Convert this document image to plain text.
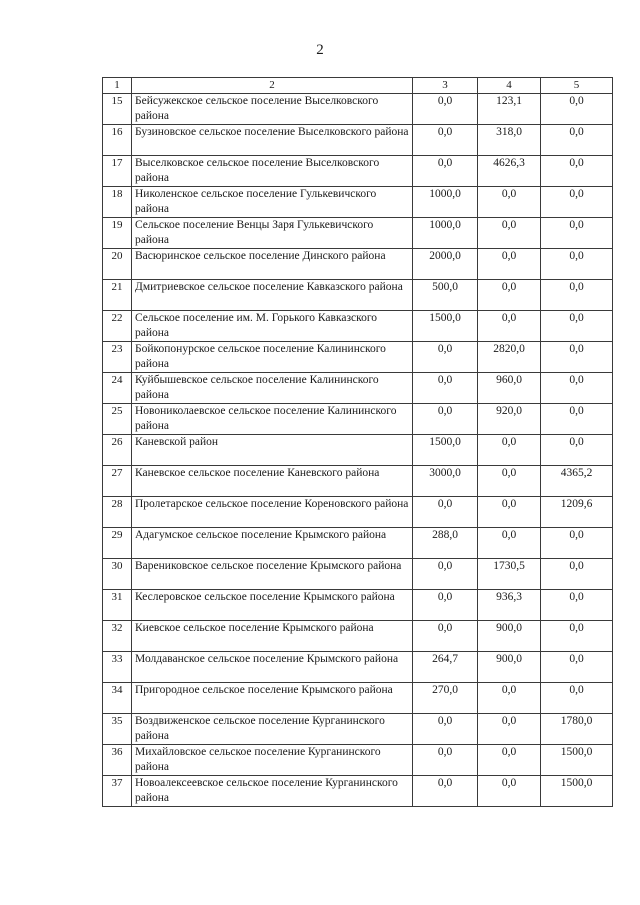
2
1	2	3	4	5
15	Бейсужекское сельское поселение Выселковского района	0,0	123,1	0,0
16	Бузиновское сельское поселение Выселковского района	0,0	318,0	0,0
17	Выселковское сельское поселение Выселковского района	0,0	4626,3	0,0
18	Николенское сельское поселение Гулькевичского района	1000,0	0,0	0,0
19	Сельское поселение Венцы Заря Гулькевичского района	1000,0	0,0	0,0
20	Васюринское сельское поселение Динского района	2000,0	0,0	0,0
21	Дмитриевское сельское поселение Кавказского района	500,0	0,0	0,0
22	Сельское поселение им. М. Горького Кавказского района	1500,0	0,0	0,0
23	Бойкопонурское сельское поселение Калининского района	0,0	2820,0	0,0
24	Куйбышевское сельское поселение Калининского района	0,0	960,0	0,0
25	Новониколаевское сельское поселение Калининского района	0,0	920,0	0,0
26	Каневской район	1500,0	0,0	0,0
27	Каневское сельское поселение Каневского района	3000,0	0,0	4365,2
28	Пролетарское сельское поселение Кореновского района	0,0	0,0	1209,6
29	Адагумское сельское поселение Крымского района	288,0	0,0	0,0
30	Варениковское сельское поселение Крымского района	0,0	1730,5	0,0
31	Кеслеровское сельское поселение Крымского района	0,0	936,3	0,0
32	Киевское сельское поселение Крымского района	0,0	900,0	0,0
33	Молдаванское сельское поселение Крымского района	264,7	900,0	0,0
34	Пригородное сельское поселение Крымского района	270,0	0,0	0,0
35	Воздвиженское сельское поселение Курганинского района	0,0	0,0	1780,0
36	Михайловское сельское поселение Курганинского района	0,0	0,0	1500,0
37	Новоалексеевское сельское поселение Курганинского района	0,0	0,0	1500,0
